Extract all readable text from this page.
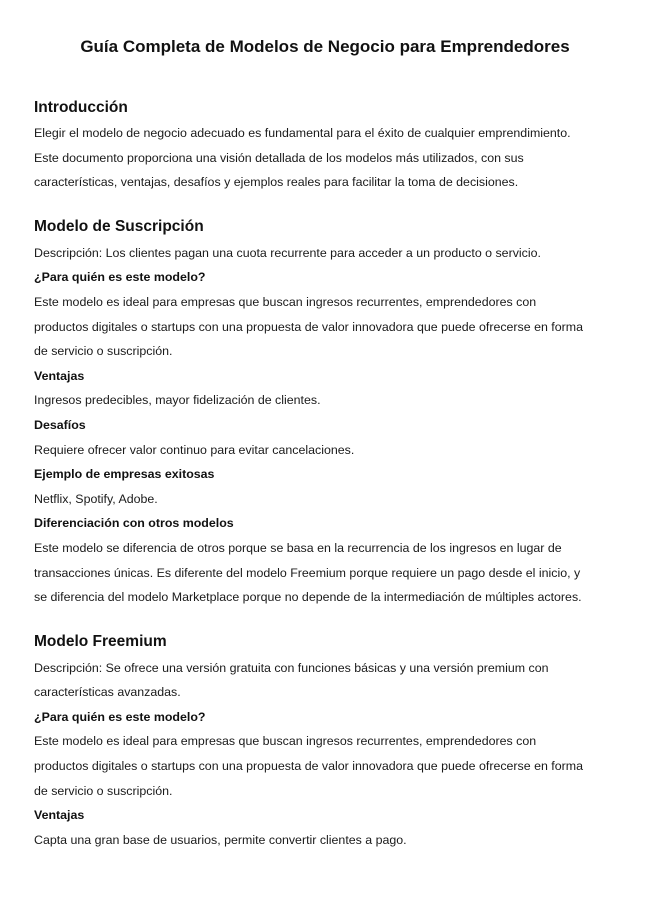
Guía Completa de Modelos de Negocio para Emprendedores
Introducción

Elegir el modelo de negocio adecuado es fundamental para el éxito de cualquier emprendimiento.

Este documento proporciona una visión detallada de los modelos más utilizados, con sus

características, ventajas, desafíos y ejemplos reales para facilitar la toma de decisiones.

Modelo de Suscripción

Descripción: Los clientes pagan una cuota recurrente para acceder a un producto o servicio.

¿Para quién es este modelo?

Este modelo es ideal para empresas que buscan ingresos recurrentes, emprendedores con

productos digitales o startups con una propuesta de valor innovadora que puede ofrecerse en forma

de servicio o suscripción.

Ventajas

Ingresos predecibles, mayor fidelización de clientes.

Desafíos

Requiere ofrecer valor continuo para evitar cancelaciones.

Ejemplo de empresas exitosas

Netflix, Spotify, Adobe.

Diferenciación con otros modelos

Este modelo se diferencia de otros porque se basa en la recurrencia de los ingresos en lugar de

transacciones únicas. Es diferente del modelo Freemium porque requiere un pago desde el inicio, y

se diferencia del modelo Marketplace porque no depende de la intermediación de múltiples actores.

Modelo Freemium

Descripción: Se ofrece una versión gratuita con funciones básicas y una versión premium con

características avanzadas.

¿Para quién es este modelo?

Este modelo es ideal para empresas que buscan ingresos recurrentes, emprendedores con

productos digitales o startups con una propuesta de valor innovadora que puede ofrecerse en forma

de servicio o suscripción.

Ventajas

Capta una gran base de usuarios, permite convertir clientes a pago.
